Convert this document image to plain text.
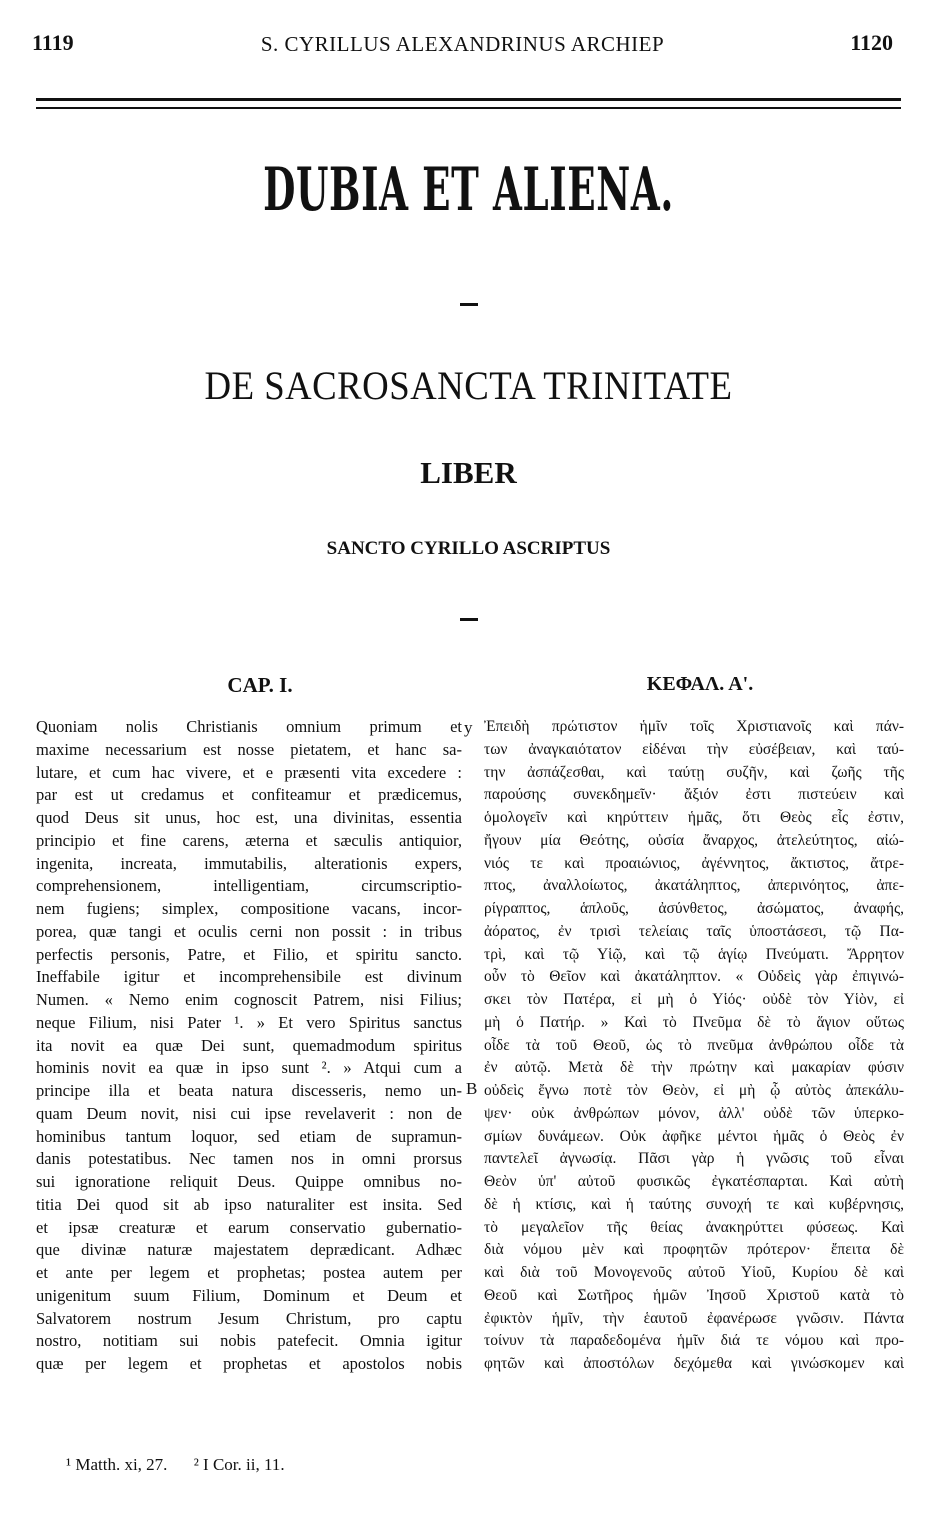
1119	S. CYRILLUS ALEXANDRINUS ARCHIEP	1120
DUBIA ET ALIENA.
DE SACROSANCTA TRINITATE
LIBER
SANCTO CYRILLO ASCRIPTUS
CAP. I.	ΚΕΦΑΛ. Α'.
Quoniam nolis Christianis omnium primum et
maxime necessarium est nosse pietatem, et hanc sa-
lutare, et cum hac vivere, et e præsenti vita excedere :
par est ut credamus et confiteamur et prædicemus,
quod Deus sit unus, hoc est, una divinitas, essentia
principio et fine carens, æterna et sæculis antiquior,
ingenita, increata, immutabilis, alterationis expers,
comprehensionem, intelligentiam, circumscriptio-
nem fugiens; simplex, compositione vacans, incor-
porea, quæ tangi et oculis cerni non possit : in tribus
perfectis personis, Patre, et Filio, et spiritu sancto.
Ineffabile igitur et incomprehensibile est divinum
Numen. « Nemo enim cognoscit Patrem, nisi Filius;
neque Filium, nisi Pater ¹. » Et vero Spiritus sanctus
ita novit ea quæ Dei sunt, quemadmodum spiritus
hominis novit ea quæ in ipso sunt ². » Atqui cum a
principe illa et beata natura discesseris, nemo un-
quam Deum novit, nisi cui ipse revelaverit : non de
hominibus tantum loquor, sed etiam de supramun-
danis potestatibus. Nec tamen nos in omni prorsus
sui ignoratione reliquit Deus. Quippe omnibus no-
titia Dei quod sit ab ipso naturaliter est insita. Sed
et ipsæ creaturæ et earum conservatio gubernatio-
que divinæ naturæ majestatem deprædicant. Adhæc
et ante per legem et prophetas; postea autem per
unigenitum suum Filium, Dominum et Deum et
Salvatorem nostrum Jesum Christum, pro captu
nostro, notitiam sui nobis patefecit. Omnia igitur
quæ per legem et prophetas et apostolos nobis
Ἐπειδὴ πρώτιστον ἡμῖν τοῖς Χριστιανοῖς καὶ πάν-
των ἀναγκαιότατον εἰδέναι τὴν εὐσέβειαν, καὶ ταύ-
την ἀσπάζεσθαι, καὶ ταύτῃ συζῆν, καὶ ζωῆς τῆς
παρούσης συνεκδημεῖν· ἄξιόν ἐστι πιστεύειν καὶ
ὁμολογεῖν καὶ κηρύττειν ἡμᾶς, ὅτι Θεὸς εἷς ἐστιν,
ἤγουν μία Θεότης, οὐσία ἄναρχος, ἀτελεύτητος, αἰώ-
νιός τε καὶ προαιώνιος, ἀγέννητος, ἄκτιστος, ἄτρε-
πτος, ἀναλλοίωτος, ἀκατάληπτος, ἀπερινόητος, ἀπε-
ρίγραπτος, ἁπλοῦς, ἀσύνθετος, ἀσώματος, ἀναφής,
ἀόρατος, ἐν τρισὶ τελείαις ταῖς ὑποστάσεσι, τῷ Πα-
τρὶ, καὶ τῷ Υἱῷ, καὶ τῷ ἁγίῳ Πνεύματι. Ἄρρητον
οὖν τὸ Θεῖον καὶ ἀκατάληπτον. « Οὐδεὶς γὰρ ἐπιγινώ-
σκει τὸν Πατέρα, εἰ μὴ ὁ Υἱός· οὐδὲ τὸν Υἱὸν, εἰ
μὴ ὁ Πατήρ. » Καὶ τὸ Πνεῦμα δὲ τὸ ἅγιον οὕτως
οἶδε τὰ τοῦ Θεοῦ, ὡς τὸ πνεῦμα ἀνθρώπου οἶδε τὰ
ἐν αὐτῷ. Μετὰ δὲ τὴν πρώτην καὶ μακαρίαν φύσιν
οὐδεὶς ἔγνω ποτὲ τὸν Θεὸν, εἰ μὴ ᾧ αὐτὸς ἀπεκάλυ-
ψεν· οὐκ ἀνθρώπων μόνον, ἀλλ' οὐδὲ τῶν ὑπερκο-
σμίων δυνάμεων. Οὐκ ἀφῆκε μέντοι ἡμᾶς ὁ Θεὸς ἐν
παντελεῖ ἀγνωσίᾳ. Πᾶσι γὰρ ἡ γνῶσις τοῦ εἶναι
Θεὸν ὑπ' αὐτοῦ φυσικῶς ἐγκατέσπαρται. Καὶ αὐτὴ
δὲ ἡ κτίσις, καὶ ἡ ταύτης συνοχή τε καὶ κυβέρνησις,
τὸ μεγαλεῖον τῆς θείας ἀνακηρύττει φύσεως. Καὶ
διὰ νόμου μὲν καὶ προφητῶν πρότερον· ἔπειτα δὲ
καὶ διὰ τοῦ Μονογενοῦς αὐτοῦ Υἱοῦ, Κυρίου δὲ καὶ
Θεοῦ καὶ Σωτῆρος ἡμῶν Ἰησοῦ Χριστοῦ κατὰ τὸ
ἐφικτὸν ἡμῖν, τὴν ἑαυτοῦ ἐφανέρωσε γνῶσιν. Πάντα
τοίνυν τὰ παραδεδομένα ἡμῖν διά τε νόμου καὶ προ-
φητῶν καὶ ἀποστόλων δεχόμεθα καὶ γινώσκομεν καὶ
y
B
¹ Matth. xi, 27. ² I Cor. ii, 11.
